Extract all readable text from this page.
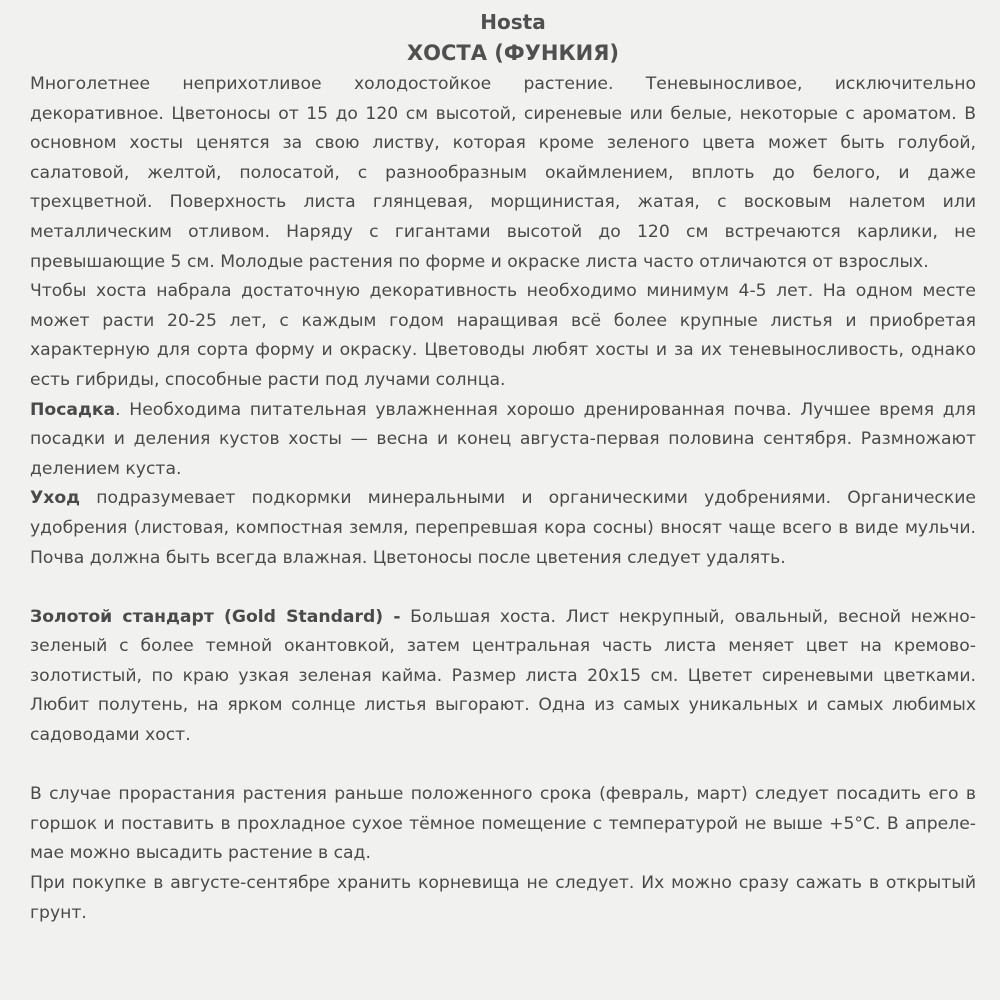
Hosta
ХОСТА (ФУНКИЯ)

Многолетнее неприхотливое холодостойкое растение. Теневыносливое, исключительно декоративное. Цветоносы от 15 до 120 см высотой, сиреневые или белые, некоторые с ароматом. В основном хосты ценятся за свою листву, которая кроме зеленого цвета может быть голубой, салатовой, желтой, полосатой, с разнообразным окаймлением, вплоть до белого, и даже трехцветной. Поверхность листа глянцевая, морщинистая, жатая, с восковым налетом или металлическим отливом. Наряду с гигантами высотой до 120 см встречаются карлики, не превышающие 5 см. Молодые растения по форме и окраске листа часто отличаются от взрослых.

Чтобы хоста набрала достаточную декоративность необходимо минимум 4-5 лет. На одном месте может расти 20-25 лет, с каждым годом наращивая всё более крупные листья и приобретая характерную для сорта форму и окраску. Цветоводы любят хосты и за их теневыносливость, однако есть гибриды, способные расти под лучами солнца.

Посадка. Необходима питательная увлажненная хорошо дренированная почва. Лучшее время для посадки и деления кустов хосты — весна и конец августа-первая половина сентября. Размножают делением куста.

Уход подразумевает подкормки минеральными и органическими удобрениями. Органические удобрения (листовая, компостная земля, перепревшая кора сосны) вносят чаще всего в виде мульчи. Почва должна быть всегда влажная. Цветоносы после цветения следует удалять.

Золотой стандарт (Gold Standard) - Большая хоста. Лист некрупный, овальный, весной нежно-зеленый с более темной окантовкой, затем центральная часть листа меняет цвет на кремово-золотистый, по краю узкая зеленая кайма. Размер листа 20х15 см. Цветет сиреневыми цветками. Любит полутень, на ярком солнце листья выгорают. Одна из самых уникальных и самых любимых садоводами хост.

В случае прорастания растения раньше положенного срока (февраль, март) следует посадить его в горшок и поставить в прохладное сухое тёмное помещение с температурой не выше +5°С. В апреле-мае можно высадить растение в сад.

При покупке в августе-сентябре хранить корневища не следует. Их можно сразу сажать в открытый грунт.
